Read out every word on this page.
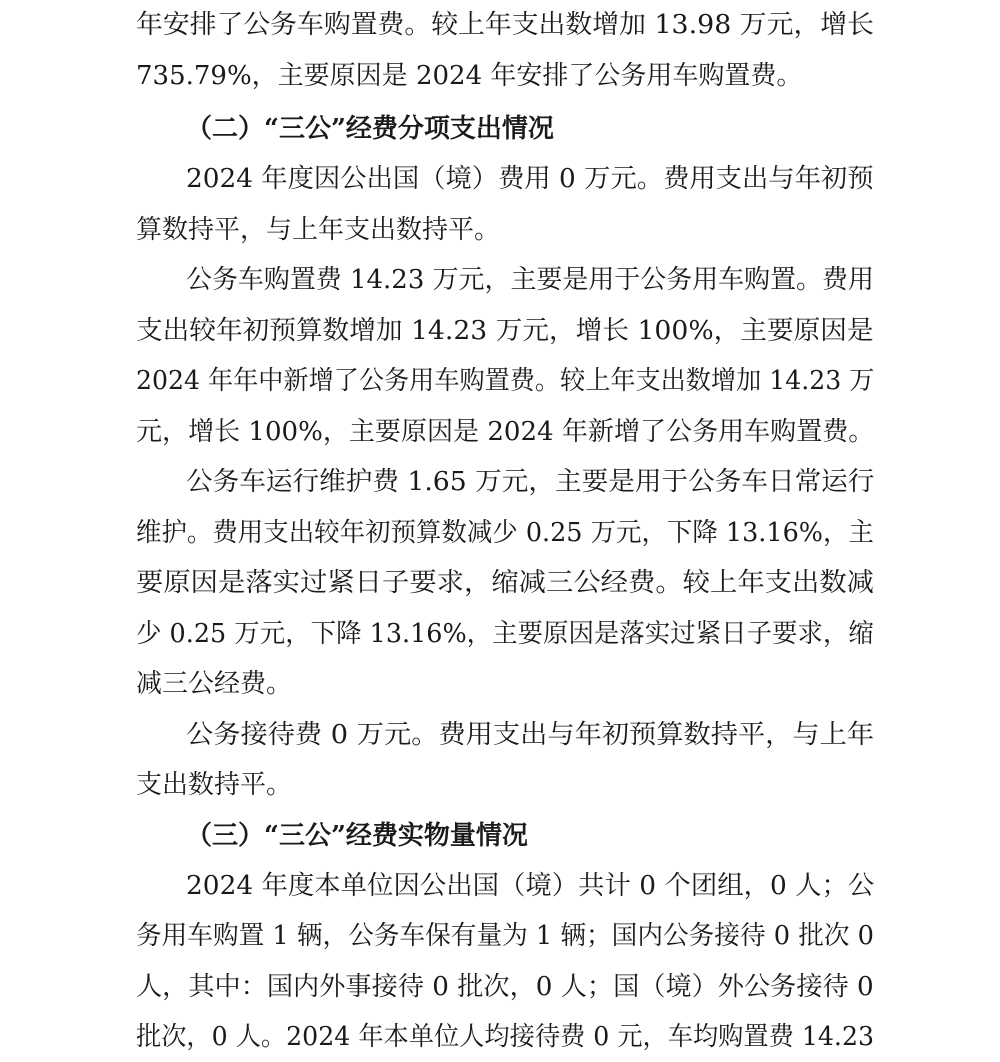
年安排了公务车购置费。较上年支出数增加 13.98 万元，增长
735.79%，主要原因是 2024 年安排了公务用车购置费。
（二）“三公”经费分项支出情况
2024 年度因公出国（境）费用 0 万元。费用支出与年初预
算数持平，与上年支出数持平。
公务车购置费 14.23 万元，主要是用于公务用车购置。费用
支出较年初预算数增加 14.23 万元，增长 100%，主要原因是
2024 年年中新增了公务用车购置费。较上年支出数增加 14.23 万
元，增长 100%，主要原因是 2024 年新增了公务用车购置费。
公务车运行维护费 1.65 万元，主要是用于公务车日常运行
维护。费用支出较年初预算数减少 0.25 万元，下降 13.16%，主
要原因是落实过紧日子要求，缩减三公经费。较上年支出数减
少 0.25 万元，下降 13.16%，主要原因是落实过紧日子要求，缩
减三公经费。
公务接待费 0 万元。费用支出与年初预算数持平，与上年
支出数持平。
（三）“三公”经费实物量情况
2024 年度本单位因公出国（境）共计 0 个团组，0 人；公
务用车购置 1 辆，公务车保有量为 1 辆；国内公务接待 0 批次 0
人，其中：国内外事接待 0 批次，0 人；国（境）外公务接待 0
批次，0 人。2024 年本单位人均接待费 0 元，车均购置费 14.23
